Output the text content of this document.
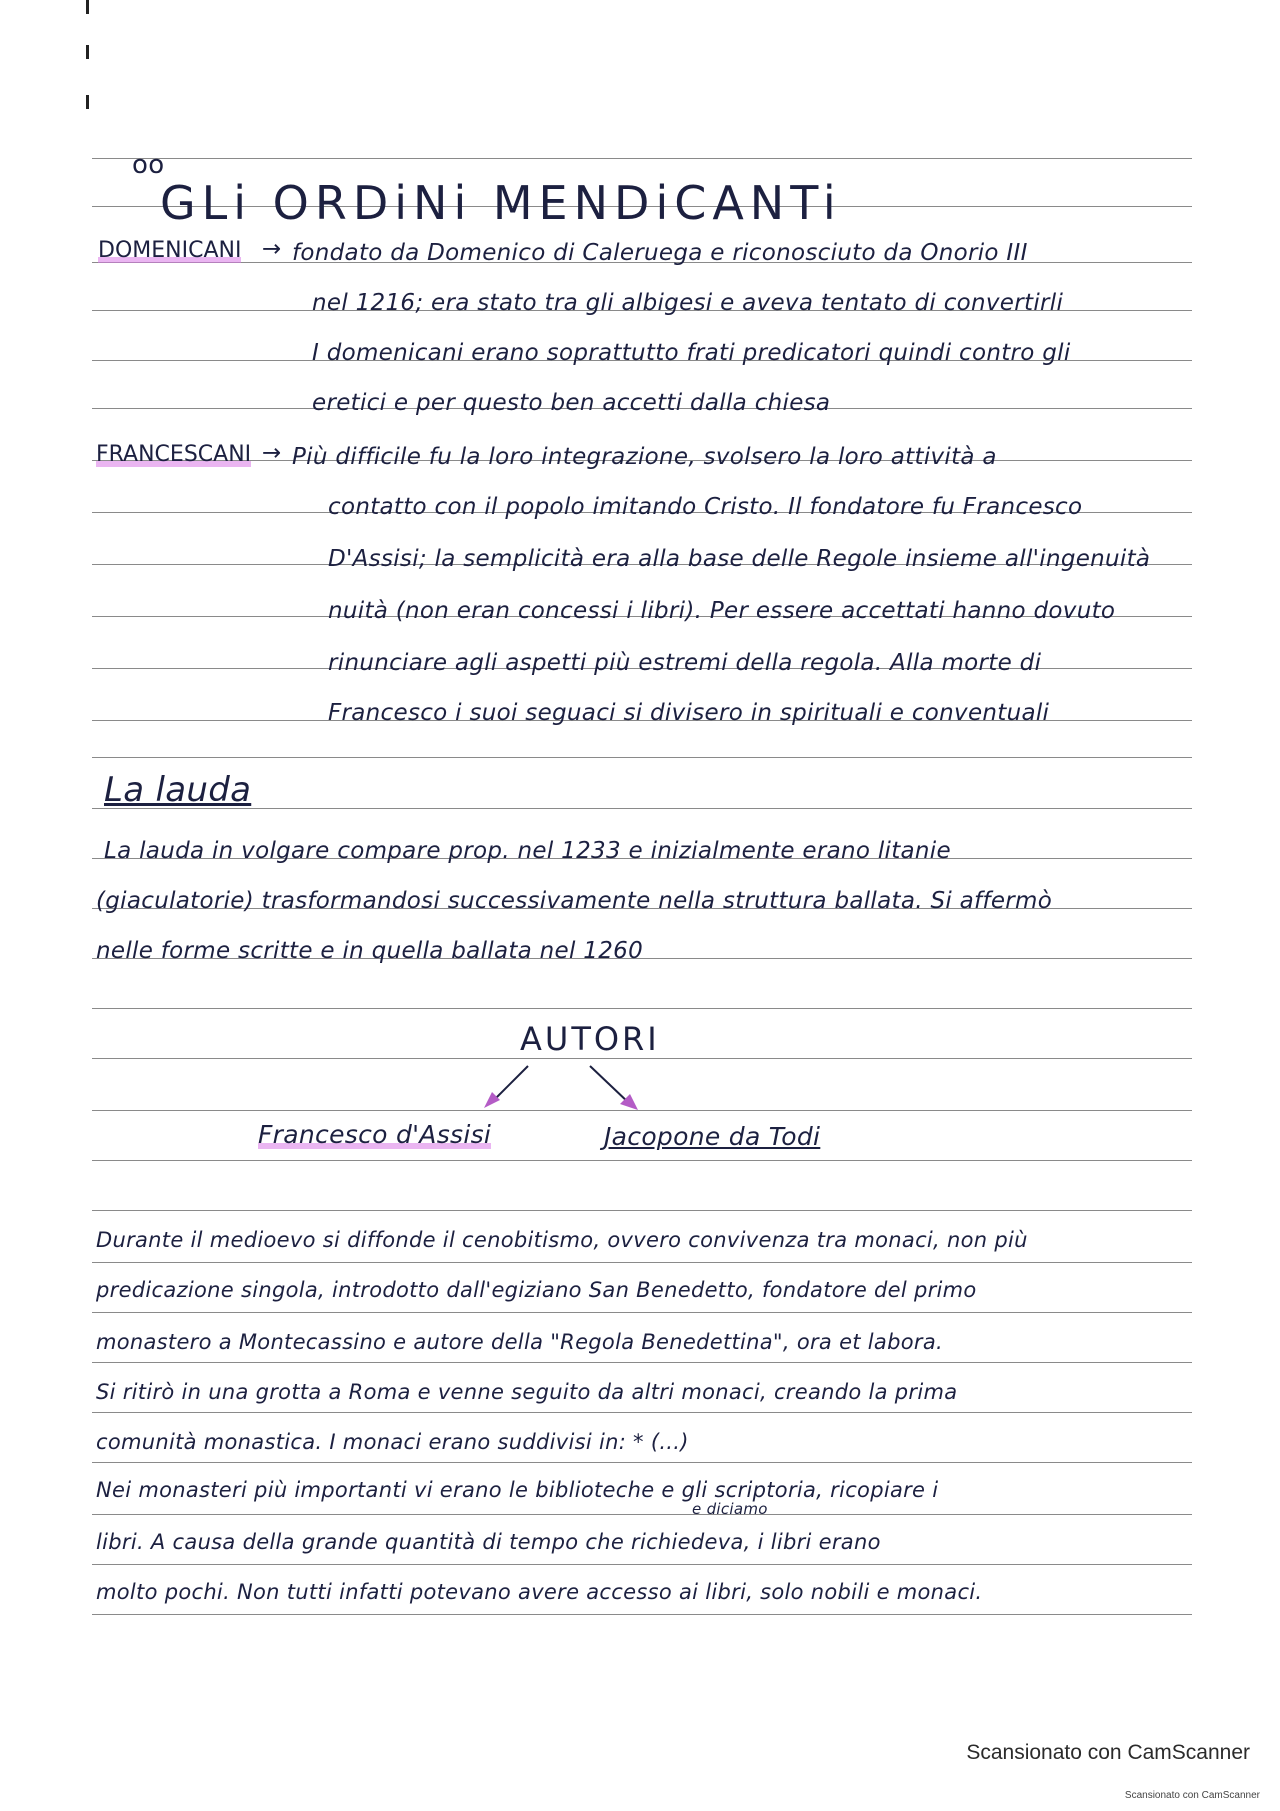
oo
GLi ORDiNi MENDiCANTi
DOMENICANI → fondato da Domenico di Caleruega e riconosciuto da Onorio III
nel 1216; era stato tra gli albigesi e aveva tentato di convertirli
I domenicani erano soprattutto frati predicatori quindi contro gli
eretici e per questo ben accetti dalla chiesa
FRANCESCANI → Più difficile fu la loro integrazione, svolsero la loro attività a
contatto con il popolo imitando Cristo. Il fondatore fu Francesco
D'Assisi; la semplicità era alla base delle Regole insieme all'ingenuità
nuità (non eran concessi i libri). Per essere accettati hanno dovuto
rinunciare agli aspetti più estremi della regola. Alla morte di
Francesco i suoi seguaci si divisero in spirituali e conventuali
La lauda
La lauda in volgare compare prop. nel 1233 e inizialmente erano litanie
(giaculatorie) trasformandosi successivamente nella struttura ballata. Si affermò
nelle forme scritte e in quella ballata nel 1260
AUTORI
Francesco d'Assisi	Jacopone da Todi
Durante il medioevo si diffonde il cenobitismo, ovvero convivenza tra monaci, non più
predicazione singola, introdotto dall'egiziano San Benedetto, fondatore del primo
monastero a Montecassino e autore della "Regola Benedettina", ora et labora.
Si ritirò in una grotta a Roma e venne seguito da altri monaci, creando la prima
comunità monastica. I monaci erano suddivisi in: * (...)
e diciamo
Nei monasteri più importanti vi erano le biblioteche e gli scriptoria, ricopiare i
libri. A causa della grande quantità di tempo che richiedeva, i libri erano
molto pochi. Non tutti infatti potevano avere accesso ai libri, solo nobili e monaci.
Scansionato con CamScanner
Scansionato con CamScanner
